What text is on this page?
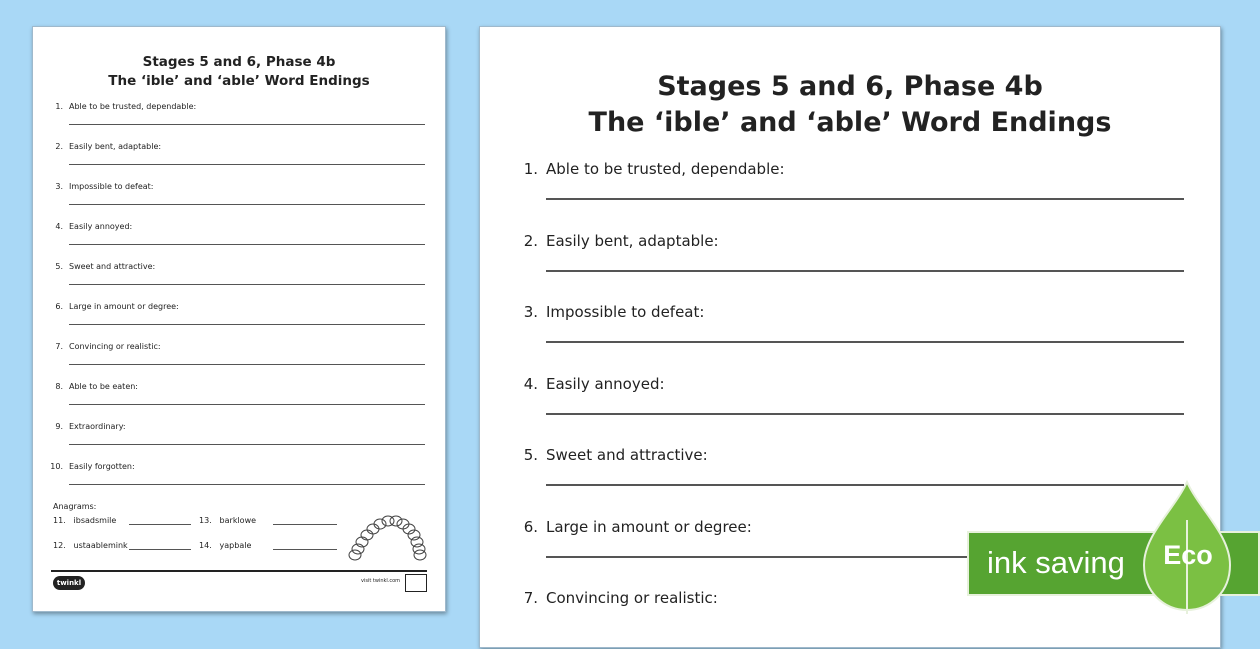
Stages 5 and 6, Phase 4b
The ‘ible’ and ‘able’ Word Endings
1. Able to be trusted, dependable:
2. Easily bent, adaptable:
3. Impossible to defeat:
4. Easily annoyed:
5. Sweet and attractive:
6. Large in amount or degree:
7. Convincing or realistic:
8. Able to be eaten:
9. Extraordinary:
10. Easily forgotten:
Anagrams:
11. ibsadsmile
12. ustaablemink
13. barklowe
14. yapbale
twinkl	visit twinkl.com
Stages 5 and 6, Phase 4b
The ‘ible’ and ‘able’ Word Endings
1. Able to be trusted, dependable:
2. Easily bent, adaptable:
3. Impossible to defeat:
4. Easily annoyed:
5. Sweet and attractive:
6. Large in amount or degree:
7. Convincing or realistic:
ink saving Eco
